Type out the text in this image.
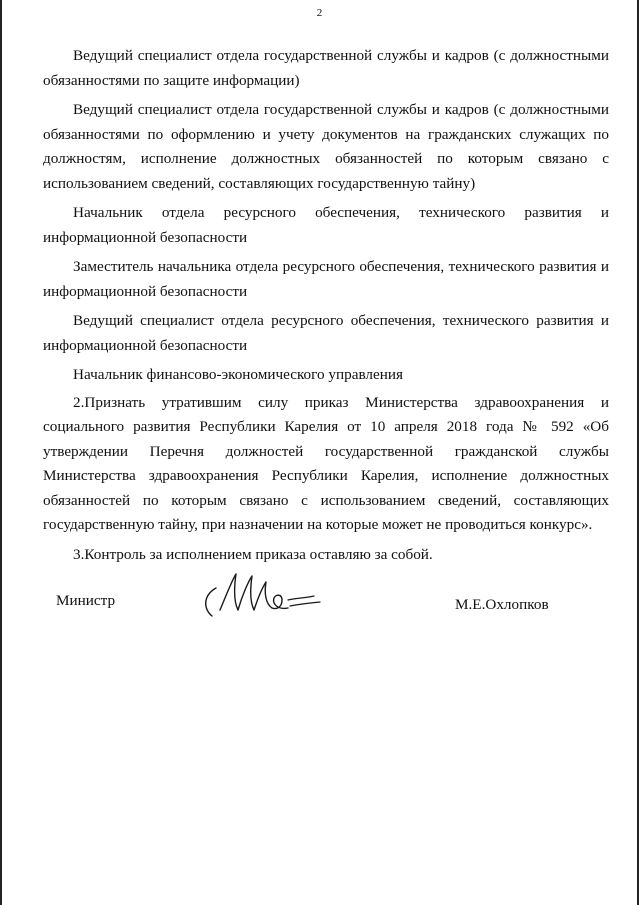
2

Ведущий специалист отдела государственной службы и кадров (с должностными обязанностями по защите информации)

Ведущий специалист отдела государственной службы и кадров (с должностными обязанностями по оформлению и учету документов на гражданских служащих по должностям, исполнение должностных обязанностей по которым связано с использованием сведений, составляющих государственную тайну)

Начальник отдела ресурсного обеспечения, технического развития и информационной безопасности

Заместитель начальника отдела ресурсного обеспечения, технического развития и информационной безопасности

Ведущий специалист отдела ресурсного обеспечения, технического развития и информационной безопасности

Начальник финансово-экономического управления

2.Признать утратившим силу приказ Министерства здравоохранения и социального развития Республики Карелия от 10 апреля 2018 года № 592 «Об утверждении Перечня должностей государственной гражданской службы Министерства здравоохранения Республики Карелия, исполнение должностных обязанностей по которым связано с использованием сведений, составляющих государственную тайну, при назначении на которые может не проводиться конкурс».

3.Контроль за исполнением приказа оставляю за собой.

Министр	М.Е.Охлопков
